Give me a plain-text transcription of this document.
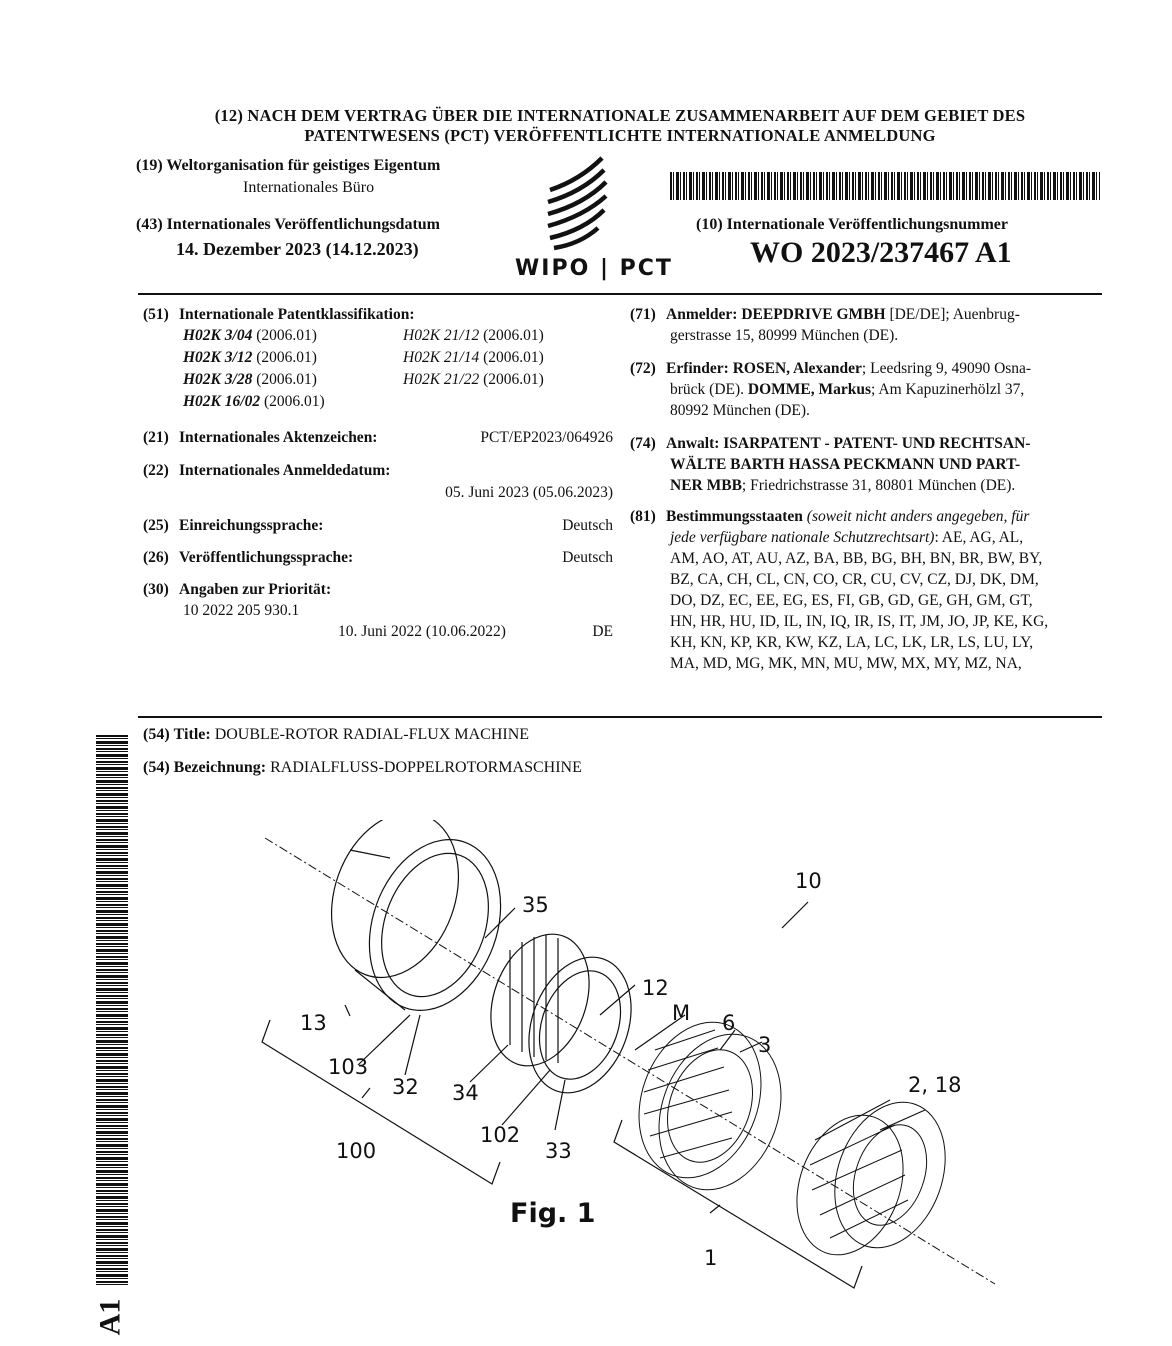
(12) NACH DEM VERTRAG ÜBER DIE INTERNATIONALE ZUSAMMENARBEIT AUF DEM GEBIET DES
PATENTWESENS (PCT) VERÖFFENTLICHTE INTERNATIONALE ANMELDUNG
(19) Weltorganisation für geistiges Eigentum
Internationales Büro
(43) Internationales Veröffentlichungsdatum
14. Dezember 2023 (14.12.2023)
WIPO | PCT
(10) Internationale Veröffentlichungsnummer
WO 2023/237467 A1
(51) Internationale Patentklassifikation:
H02K 3/04 (2006.01)	H02K 21/12 (2006.01)
H02K 3/12 (2006.01)	H02K 21/14 (2006.01)
H02K 3/28 (2006.01)	H02K 21/22 (2006.01)
H02K 16/02 (2006.01)
(21) Internationales Aktenzeichen:	PCT/EP2023/064926
(22) Internationales Anmeldedatum:
05. Juni 2023 (05.06.2023)
(25) Einreichungssprache:	Deutsch
(26) Veröffentlichungssprache:	Deutsch
(30) Angaben zur Priorität:
10 2022 205 930.1
10. Juni 2022 (10.06.2022)	DE
(71) Anmelder: DEEPDRIVE GMBH [DE/DE]; Auenbrug-
gerstrasse 15, 80999 München (DE).
(72) Erfinder: ROSEN, Alexander; Leedsring 9, 49090 Osna-
brück (DE). DOMME, Markus; Am Kapuzinerhölzl 37,
80992 München (DE).
(74) Anwalt: ISARPATENT - PATENT- UND RECHTSAN-
WÄLTE BARTH HASSA PECKMANN UND PART-
NER MBB; Friedrichstrasse 31, 80801 München (DE).
(81) Bestimmungsstaaten (soweit nicht anders angegeben, für
jede verfügbare nationale Schutzrechtsart): AE, AG, AL,
AM, AO, AT, AU, AZ, BA, BB, BG, BH, BN, BR, BW, BY,
BZ, CA, CH, CL, CN, CO, CR, CU, CV, CZ, DJ, DK, DM,
DO, DZ, EC, EE, EG, ES, FI, GB, GD, GE, GH, GM, GT,
HN, HR, HU, ID, IL, IN, IQ, IR, IS, IT, JM, JO, JP, KE, KG,
KH, KN, KP, KR, KW, KZ, LA, LC, LK, LR, LS, LU, LY,
MA, MD, MG, MK, MN, MU, MW, MX, MY, MZ, NA,
(54) Title: DOUBLE-ROTOR RADIAL-FLUX MACHINE
(54) Bezeichnung: RADIALFLUSS-DOPPELROTORMASCHINE
A1
10
35
12
M 6
3
13
103
32 34	2, 18
102
33
100
1
Fig. 1
